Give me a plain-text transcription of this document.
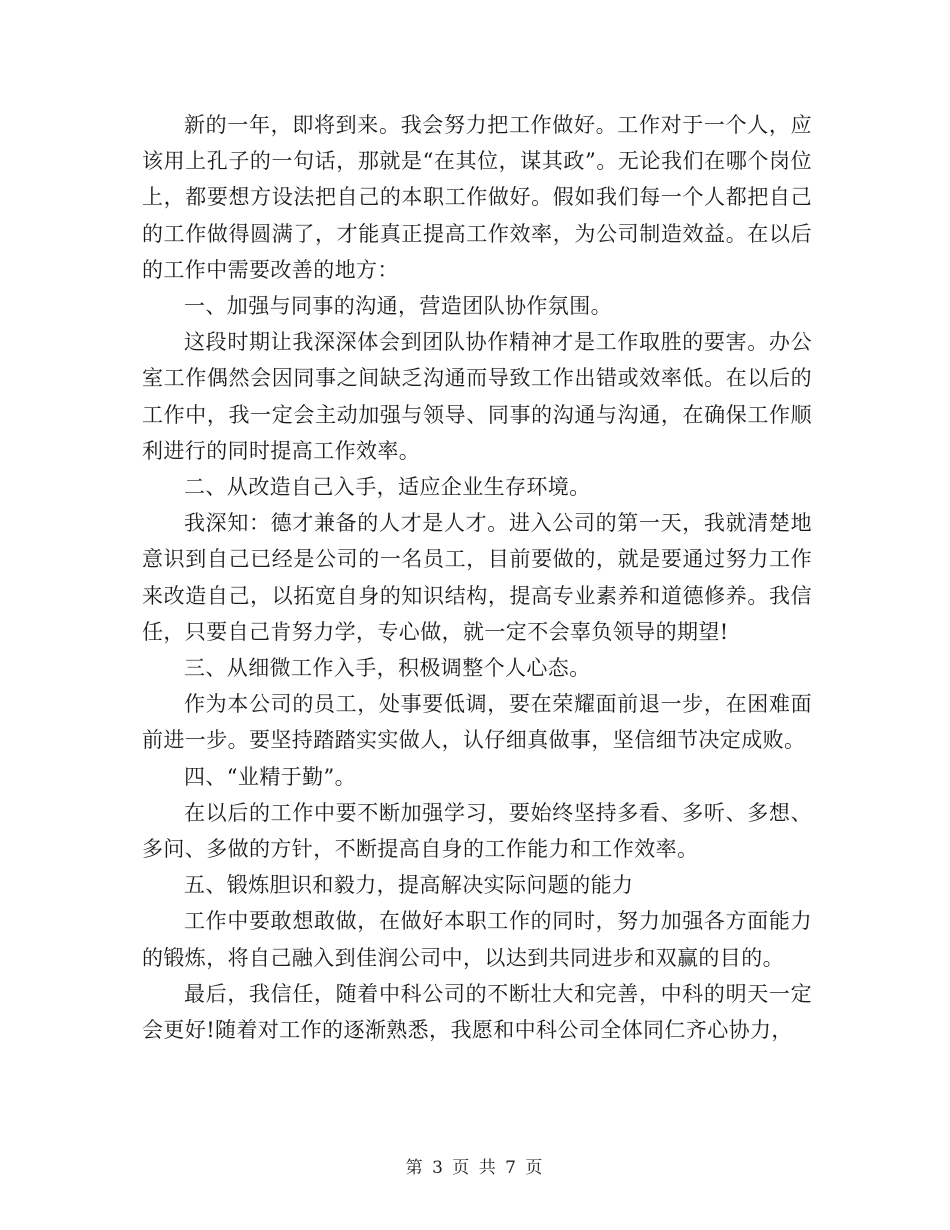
新的一年，即将到来。我会努力把工作做好。工作对于一个人，应该用上孔子的一句话，那就是“在其位，谋其政”。无论我们在哪个岗位上，都要想方设法把自己的本职工作做好。假如我们每一个人都把自己的工作做得圆满了，才能真正提高工作效率，为公司制造效益。在以后的工作中需要改善的地方：

一、加强与同事的沟通，营造团队协作氛围。

这段时期让我深深体会到团队协作精神才是工作取胜的要害。办公室工作偶然会因同事之间缺乏沟通而导致工作出错或效率低。在以后的工作中，我一定会主动加强与领导、同事的沟通与沟通，在确保工作顺利进行的同时提高工作效率。

二、从改造自己入手，适应企业生存环境。

我深知：德才兼备的人才是人才。进入公司的第一天，我就清楚地意识到自己已经是公司的一名员工，目前要做的，就是要通过努力工作来改造自己，以拓宽自身的知识结构，提高专业素养和道德修养。我信任，只要自己肯努力学，专心做，就一定不会辜负领导的期望!

三、从细微工作入手，积极调整个人心态。

作为本公司的员工，处事要低调，要在荣耀面前退一步，在困难面前进一步。要坚持踏踏实实做人，认仔细真做事，坚信细节决定成败。

四、“业精于勤”。

在以后的工作中要不断加强学习，要始终坚持多看、多听、多想、多问、多做的方针，不断提高自身的工作能力和工作效率。

五、锻炼胆识和毅力，提高解决实际问题的能力

工作中要敢想敢做，在做好本职工作的同时，努力加强各方面能力的锻炼，将自己融入到佳润公司中，以达到共同进步和双赢的目的。

最后，我信任，随着中科公司的不断壮大和完善，中科的明天一定会更好!随着对工作的逐渐熟悉，我愿和中科公司全体同仁齐心协力，

第 3 页 共 7 页
